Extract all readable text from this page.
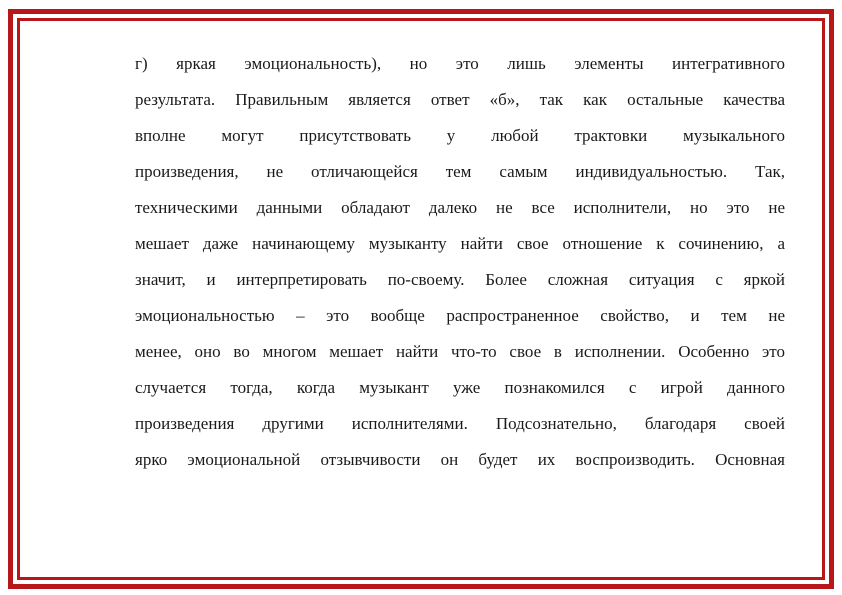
г) яркая эмоциональность), но это лишь элементы интегративного
результата. Правильным является ответ «б», так как остальные качества
вполне могут присутствовать у любой трактовки музыкального
произведения, не отличающейся тем самым индивидуальностью. Так,
техническими данными обладают далеко не все исполнители, но это не
мешает даже начинающему музыканту найти свое отношение к сочинению, а
значит, и интерпретировать по-своему. Более сложная ситуация с яркой
эмоциональностью – это вообще распространенное свойство, и тем не
менее, оно во многом мешает найти что-то свое в исполнении. Особенно это
случается тогда, когда музыкант уже познакомился с игрой данного
произведения другими исполнителями. Подсознательно, благодаря своей
ярко эмоциональной отзывчивости он будет их воспроизводить. Основная
